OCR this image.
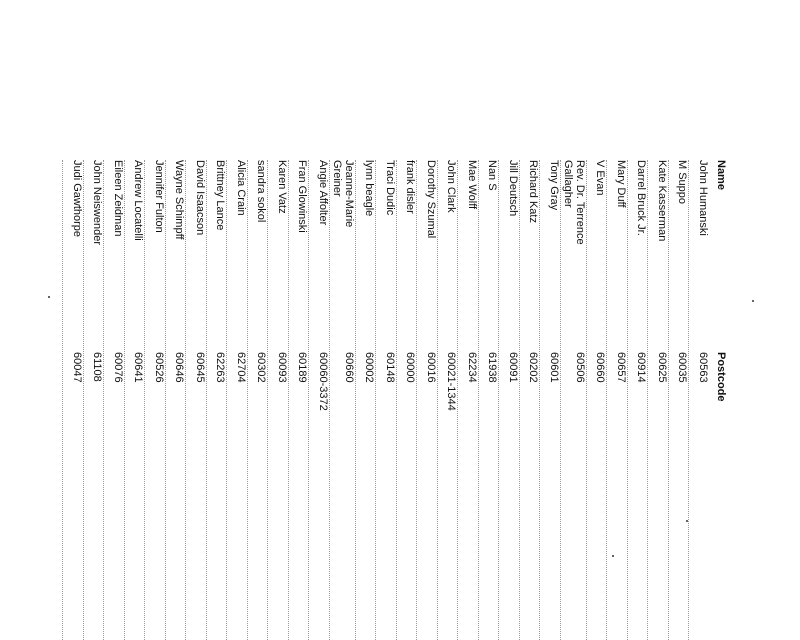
Name
Postcode
John Humanski
60563
M Suppo
60035
Kate Kasserman
60625
Darrel Bruck Jr.
60914
Mary Duff
60657
V Evan
60660
Rev. Dr. Terrence Gallagher
60506
Tony Gray
60601
Richard Katz
60202
Jill Deutsch
60091
Nan S
61938
Mae Wolff
62234
John Clark
60021-1344
Dorothy Szumal
60016
frank disler
60000
Traci Dudic
60148
lynn beagle
60002
Jeanne-Marie Greiner
60660
Angie Affolter
60060-3372
Fran Glowinski
60189
Karen Vatz
60093
sandra sokol
60302
Alicia Crain
62704
Brittney Lance
62263
David Isaacson
60645
Wayne Schimpff
60646
Jennifer Fulton
60526
Andrew Locatelli
60641
Eileen Zeidman
60076
John Neiswender
61108
Judi Gawthorpe
60047
